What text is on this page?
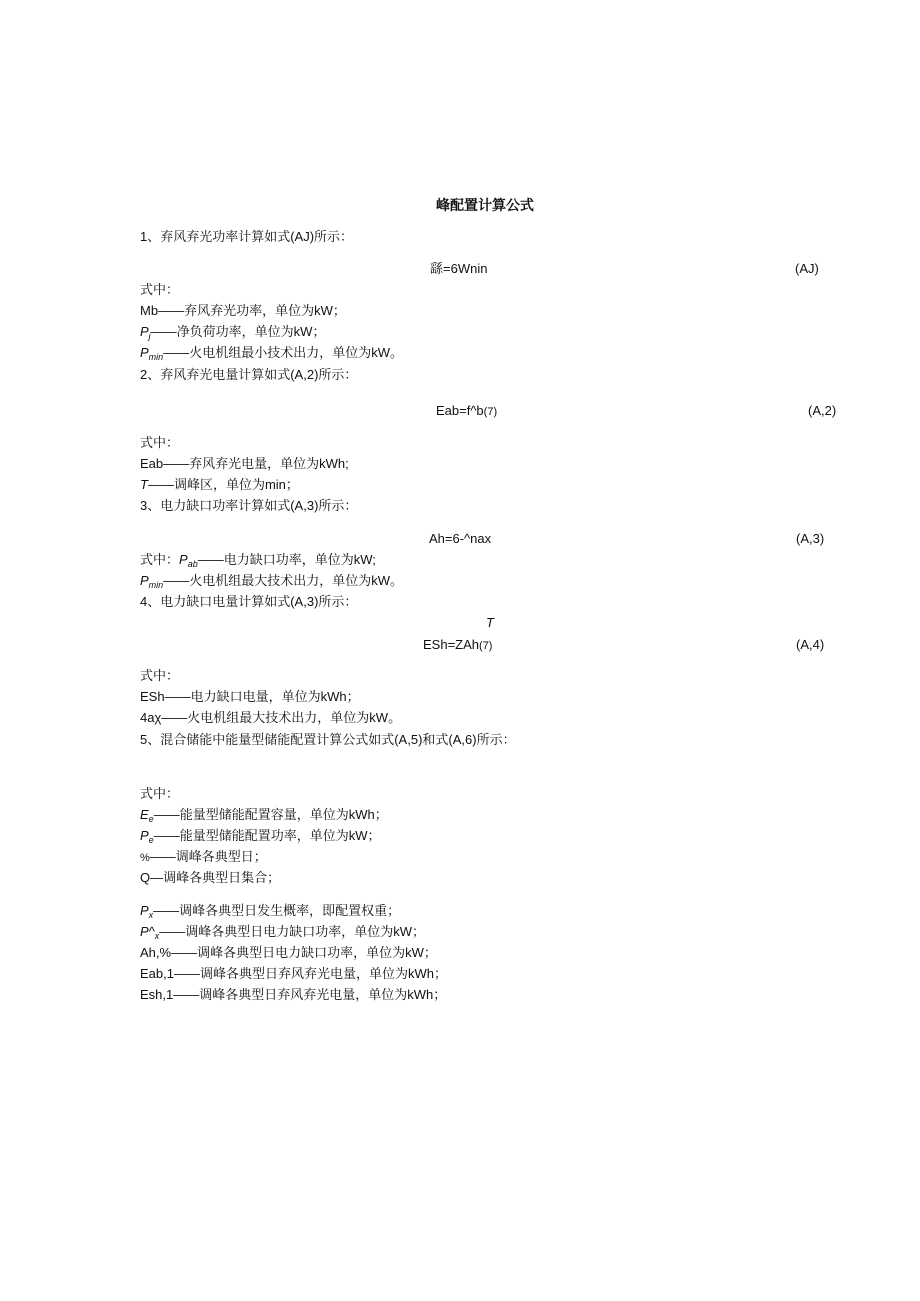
峰配置计算公式
1、弃风弃光功率计算如式(AJ)所示：
繇=6Wnin	(AJ)
式中：
Mb——弃风弃光功率，单位为kW；
$P_j——$净负荷功率，单位为kW；
$P_{min}——$火电机组最小技术出力，单位为kW。
2、弃风弃光电量计算如式(A,2)所示：
Eab=f^b(7)	(A,2)
式中：
Eab——弃风弃光电量，单位为kWh;
T——调峰区，单位为min；
3、电力缺口功率计算如式(A,3)所示：
Ah=6-^nax	(A,3)
式中：$P_{ab}——$电力缺口功率，单位为kW;
$P_{min}——$火电机组最大技术出力，单位为kW。
4、电力缺口电量计算如式(A,3)所示：
T
ESh=ZAh(7)	(A,4)
式中：
ESh——电力缺口电量，单位为kWh；
4aχ——火电机组最大技术出力，单位为kW。
5、混合储能中能量型储能配置计算公式如式(A,5)和式(A,6)所示：
式中：
$E_e——$能量型储能配置容量，单位为kWh；
$P_e——$能量型储能配置功率，单位为kW；
%——调峰各典型日；
Q—调峰各典型日集合；
$P_x——$调峰各典型日发生概率，即配置权重；
$P\^{}_x——$调峰各典型日电力缺口功率，单位为kW；
Ah,%——调峰各典型日电力缺口功率，单位为kW；
Eab,1——调峰各典型日弃风弃光电量，单位为kWh；
Esh,1——调峰各典型日弃风弃光电量，单位为kWh；
